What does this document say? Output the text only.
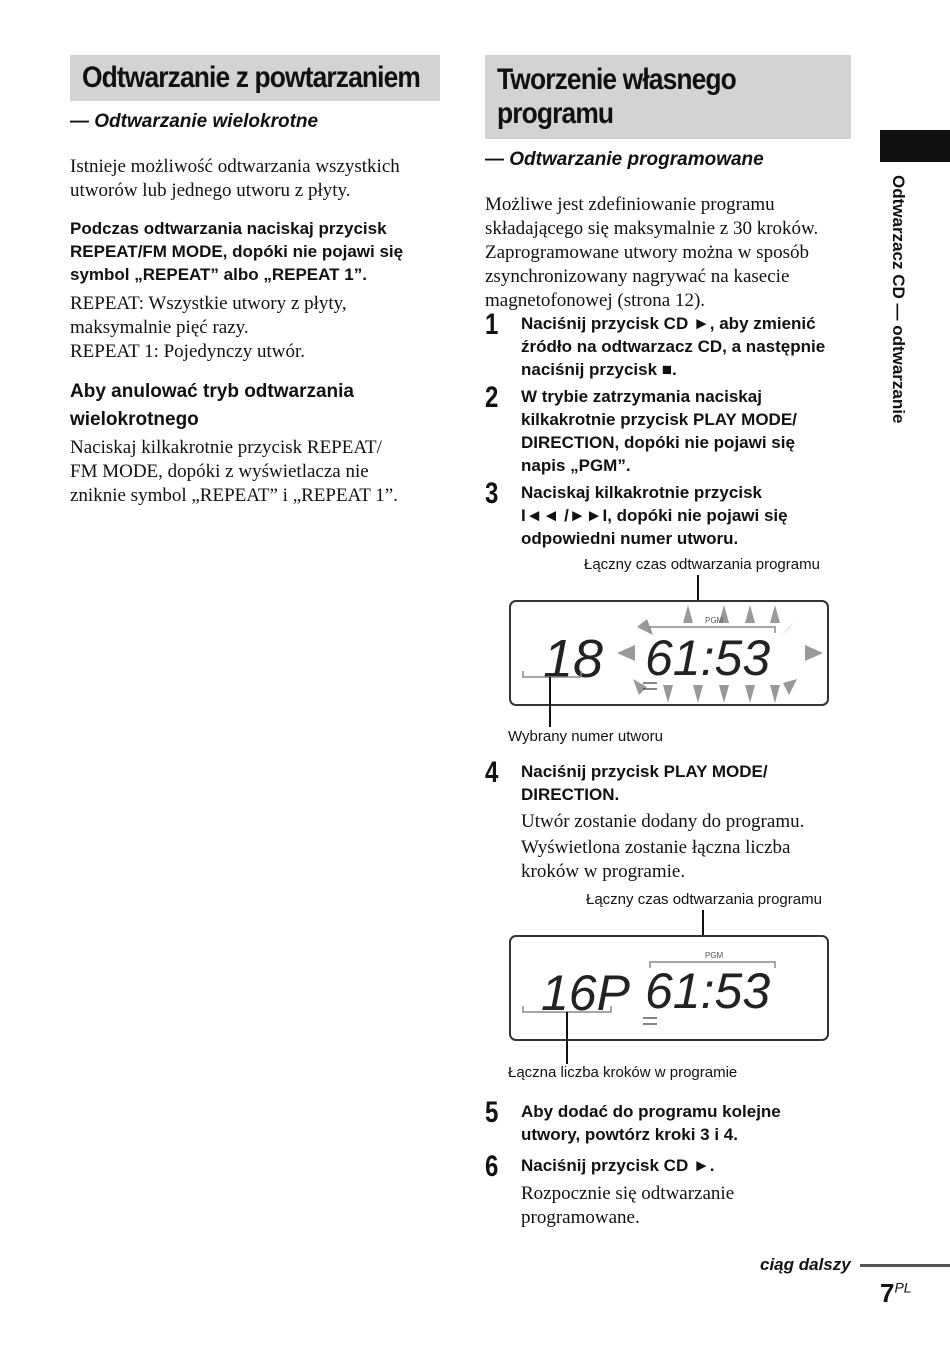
Odtwarzanie z powtarzaniem

— Odtwarzanie wielokrotne

Istnieje możliwość odtwarzania wszystkich

utworów lub jednego utworu z płyty.

Podczas odtwarzania naciskaj przycisk

REPEAT/FM MODE, dopóki nie pojawi się

symbol „REPEAT” albo „REPEAT 1”.

REPEAT: Wszystkie utwory z płyty,

maksymalnie pięć razy.

REPEAT 1: Pojedynczy utwór.

Aby anulować tryb odtwarzania

wielokrotnego

Naciskaj kilkakrotnie przycisk REPEAT/

FM MODE, dopóki z wyświetlacza nie

zniknie symbol „REPEAT” i „REPEAT 1”.

Tworzenie własnego
programu

— Odtwarzanie programowane

Możliwe jest zdefiniowanie programu

składającego się maksymalnie z 30 kroków.

Zaprogramowane utwory można w sposób

zsynchronizowany nagrywać na kasecie

magnetofonowej (strona 12).

1 Naciśnij przycisk CD ►, aby zmienić

źródło na odtwarzacz CD, a następnie

naciśnij przycisk ■.

2 W trybie zatrzymania naciskaj

kilkakrotnie przycisk PLAY MODE/

DIRECTION, dopóki nie pojawi się

napis „PGM”.

3 Naciskaj kilkakrotnie przycisk

I◄◄ /►►I, dopóki nie pojawi się

odpowiedni numer utworu.

Łączny czas odtwarzania programu
PGM
18 61:53
Wybrany numer utworu
4 Naciśnij przycisk PLAY MODE/

DIRECTION.

Utwór zostanie dodany do programu.

Wyświetlona zostanie łączna liczba

kroków w programie.

Łączny czas odtwarzania programu
PGM
16P 61:53
Łączna liczba kroków w programie
5 Aby dodać do programu kolejne

utwory, powtórz kroki 3 i 4.

6 Naciśnij przycisk CD ►.

Rozpocznie się odtwarzanie

programowane.

Odtwarzacz CD — odtwarzanie
ciąg dalszy
$7^{PL}$
